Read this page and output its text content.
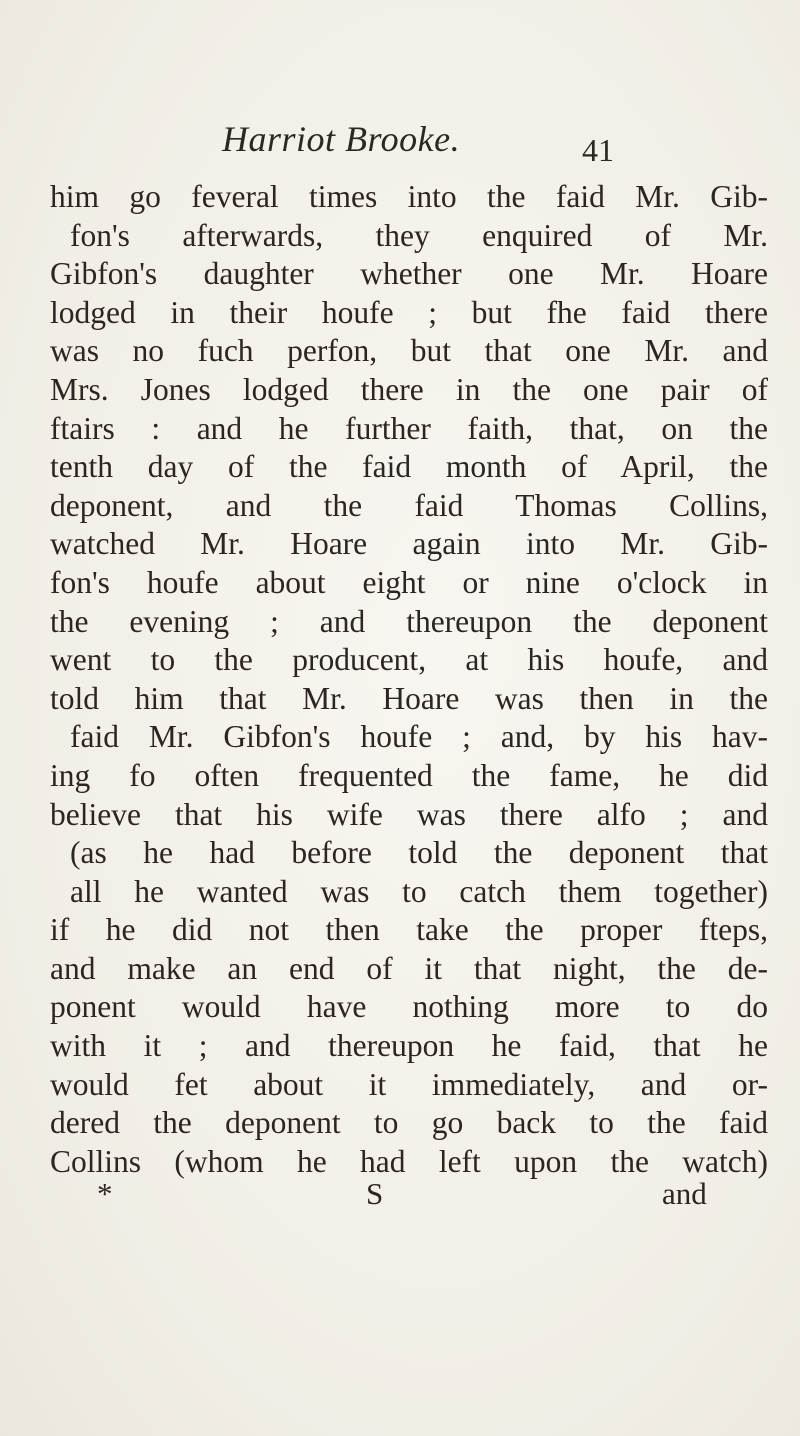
Harriot Brooke.	41
him go feveral times into the faid Mr. Gib-
fon's afterwards, they enquired of Mr.
Gibfon's daughter whether one Mr. Hoare
lodged in their houfe ; but fhe faid there
was no fuch perfon, but that one Mr. and
Mrs. Jones lodged there in the one pair of
ftairs : and he further faith, that, on the
tenth day of the faid month of April, the
deponent, and the faid Thomas Collins,
watched Mr. Hoare again into Mr. Gib-
fon's houfe about eight or nine o'clock in
the evening ; and thereupon the deponent
went to the producent, at his houfe, and
told him that Mr. Hoare was then in the
faid Mr. Gibfon's houfe ; and, by his hav-
ing fo often frequented the fame, he did
believe that his wife was there alfo ; and
(as he had before told the deponent that
all he wanted was to catch them together)
if he did not then take the proper fteps,
and make an end of it that night, the de-
ponent would have nothing more to do
with it ; and thereupon he faid, that he
would fet about it immediately, and or-
dered the deponent to go back to the faid
Collins (whom he had left upon the watch)
*	S	and
